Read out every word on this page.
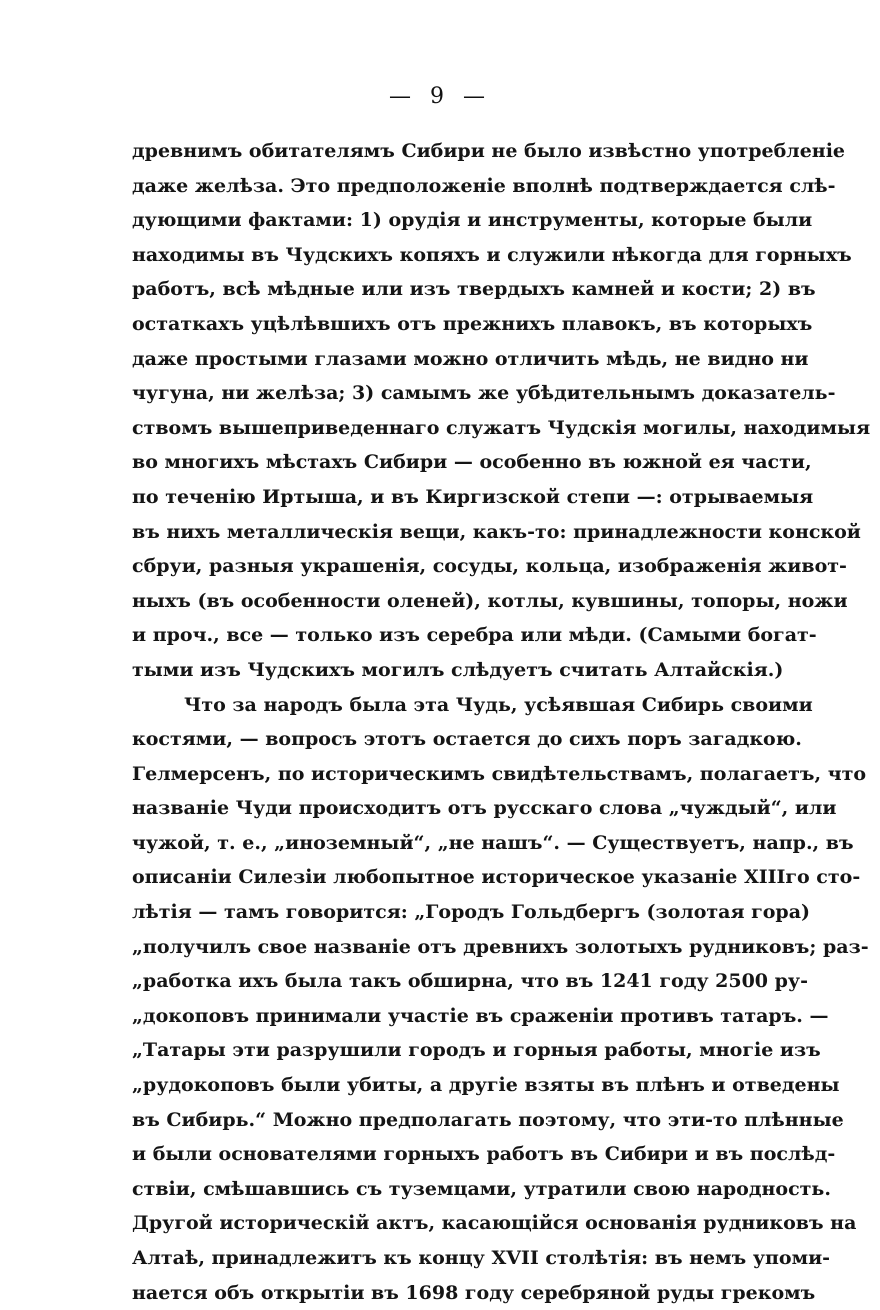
— 9 —
древнимъ обитателямъ Сибири не было извѣстно употребленіе
даже желѣза. Это предположеніе вполнѣ подтверждается слѣ-
дующими фактами: 1) орудія и инструменты, которые были
находимы въ Чудскихъ копяхъ и служили нѣкогда для горныхъ
работъ, всѣ мѣдные или изъ твердыхъ камней и кости; 2) въ
остаткахъ уцѣлѣвшихъ отъ прежнихъ плавокъ, въ которыхъ
даже простыми глазами можно отличить мѣдь, не видно ни
чугуна, ни желѣза; 3) самымъ же убѣдительнымъ доказатель-
ствомъ вышеприведеннаго служатъ Чудскія могилы, находимыя
во многихъ мѣстахъ Сибири — особенно въ южной ея части,
по теченію Иртыша, и въ Киргизской степи —: отрываемыя
въ нихъ металлическія вещи, какъ-то: принадлежности конской
сбруи, разныя украшенія, сосуды, кольца, изображенія живот-
ныхъ (въ особенности оленей), котлы, кувшины, топоры, ножи
и проч., все — только изъ серебра или мѣди. (Самыми богат-
тыми изъ Чудскихъ могилъ слѣдуетъ считать Алтайскія.)
Что за народъ была эта Чудь, усѣявшая Сибирь своими
костями, — вопросъ этотъ остается до сихъ поръ загадкою.
Гелмерсенъ, по историческимъ свидѣтельствамъ, полагаетъ, что
названіе Чуди происходитъ отъ русскаго слова „чуждый“, или
чужой, т. е., „иноземный“, „не нашъ“. — Существуетъ, напр., въ
описаніи Силезіи любопытное историческое указаніе XIIIго сто-
лѣтія — тамъ говорится: „Городъ Гольдбергъ (золотая гора)
„получилъ свое названіе отъ древнихъ золотыхъ рудниковъ; раз-
„работка ихъ была такъ обширна, что въ 1241 году 2500 ру-
„докоповъ принимали участіе въ сраженіи противъ татаръ. —
„Татары эти разрушили городъ и горныя работы, многіе изъ
„рудокоповъ были убиты, а другіе взяты въ плѣнъ и отведены
въ Сибирь.“ Можно предполагать поэтому, что эти-то плѣнные
и были основателями горныхъ работъ въ Сибири и въ послѣд-
ствіи, смѣшавшись съ туземцами, утратили свою народность.
Другой историческій актъ, касающійся основанія рудниковъ на
Алтаѣ, принадлежитъ къ концу XVII столѣтія: въ немъ упоми-
нается объ открытіи въ 1698 году серебряной руды грекомъ
